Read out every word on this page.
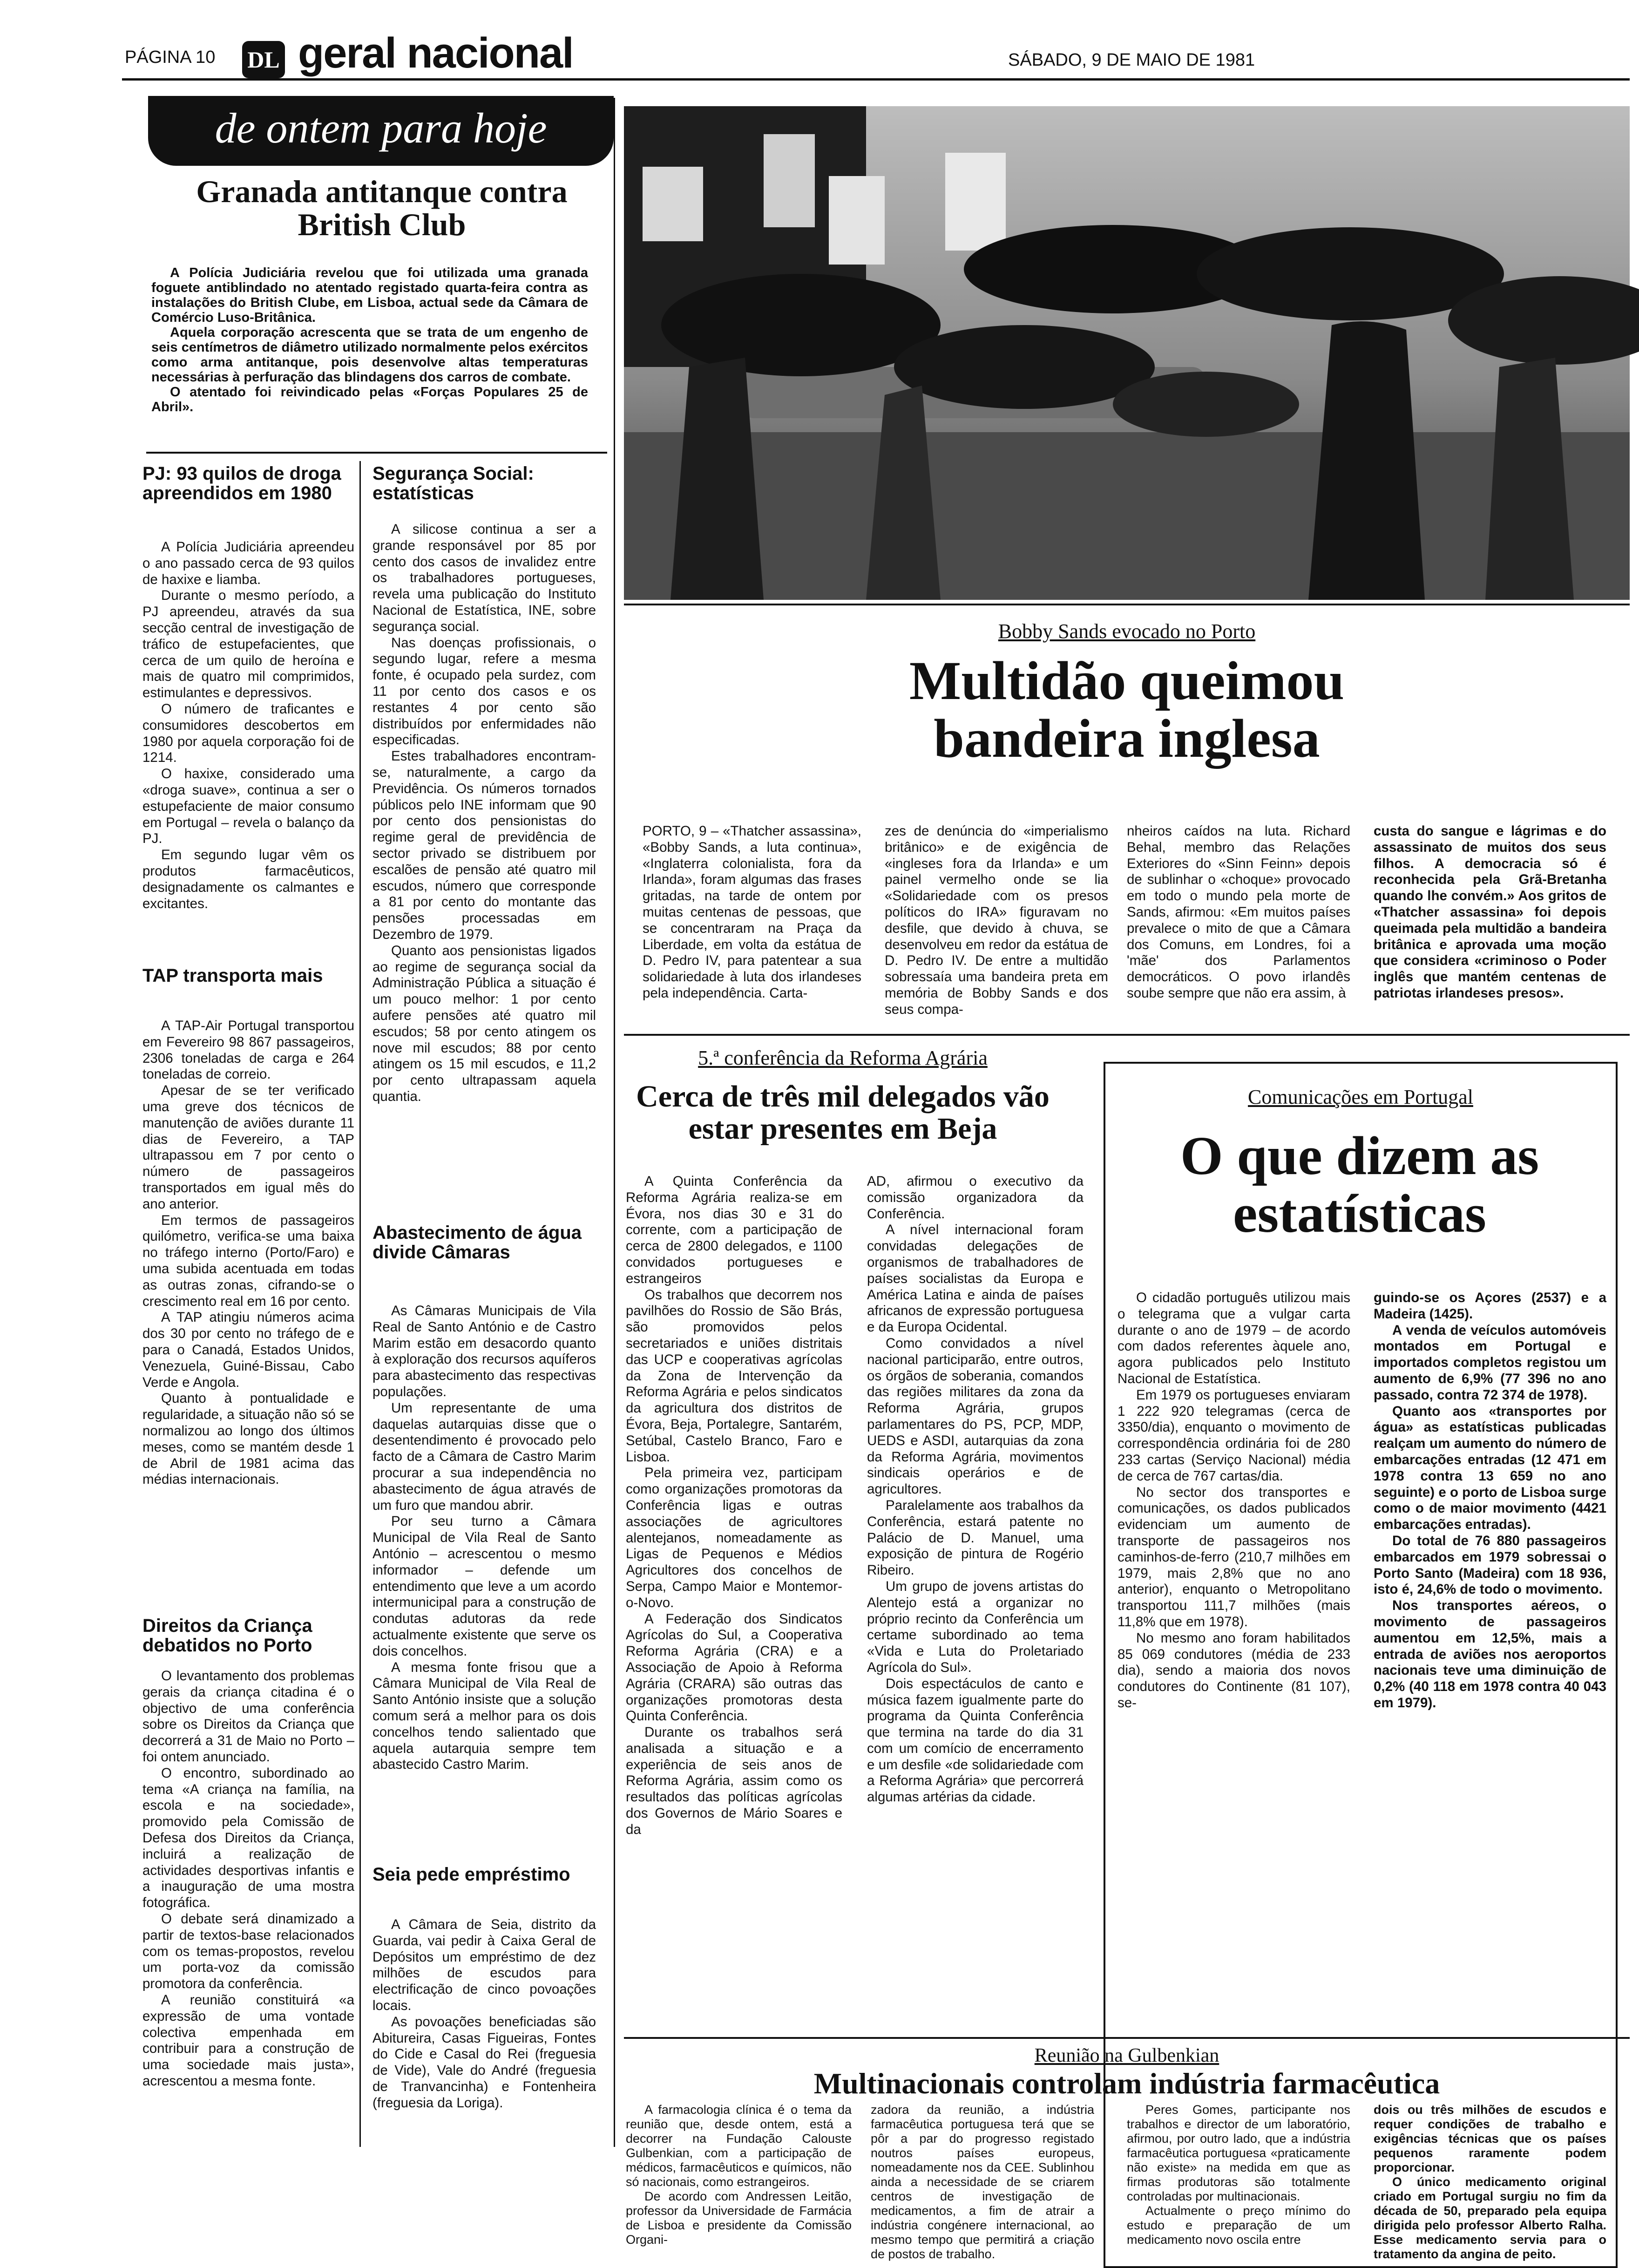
PÁGINA 10 DL geral nacional	SÁBADO, 9 DE MAIO DE 1981
de ontem para hoje
Granada antitanque contra British Club

A Polícia Judiciária revelou que foi utilizada uma granada foguete antiblindado no atentado registado quarta-feira contra as instalações do British Clube, em Lisboa, actual sede da Câmara de Comércio Luso-Britânica.

Aquela corporação acrescenta que se trata de um engenho de seis centímetros de diâmetro utilizado normalmente pelos exércitos como arma antitanque, pois desenvolve altas temperaturas necessárias à perfuração das blindagens dos carros de combate.

O atentado foi reivindicado pelas «Forças Populares 25 de Abril».

PJ: 93 quilos de droga apreendidos em 1980

A Polícia Judiciária apreendeu o ano passado cerca de 93 quilos de haxixe e liamba.

Durante o mesmo período, a PJ apreendeu, através da sua secção central de investigação de tráfico de estupefacientes, que cerca de um quilo de heroína e mais de quatro mil comprimidos, estimulantes e depressivos.

O número de traficantes e consumidores descobertos em 1980 por aquela corporação foi de 1214.

O haxixe, considerado uma «droga suave», continua a ser o estupefaciente de maior consumo em Portugal – revela o balanço da PJ.

Em segundo lugar vêm os produtos farmacêuticos, designadamente os calmantes e excitantes.

TAP transporta mais

A TAP-Air Portugal transportou em Fevereiro 98 867 passageiros, 2306 toneladas de carga e 264 toneladas de correio.

Apesar de se ter verificado uma greve dos técnicos de manutenção de aviões durante 11 dias de Fevereiro, a TAP ultrapassou em 7 por cento o número de passageiros transportados em igual mês do ano anterior.

Em termos de passageiros quilómetro, verifica-se uma baixa no tráfego interno (Porto/Faro) e uma subida acentuada em todas as outras zonas, cifrando-se o crescimento real em 16 por cento.

A TAP atingiu números acima dos 30 por cento no tráfego de e para o Canadá, Estados Unidos, Venezuela, Guiné-Bissau, Cabo Verde e Angola.

Quanto à pontualidade e regularidade, a situação não só se normalizou ao longo dos últimos meses, como se mantém desde 1 de Abril de 1981 acima das médias internacionais.

Direitos da Criança debatidos no Porto

O levantamento dos problemas gerais da criança citadina é o objectivo de uma conferência sobre os Direitos da Criança que decorrerá a 31 de Maio no Porto – foi ontem anunciado.

O encontro, subordinado ao tema «A criança na família, na escola e na sociedade», promovido pela Comissão de Defesa dos Direitos da Criança, incluirá a realização de actividades desportivas infantis e a inauguração de uma mostra fotográfica.

O debate será dinamizado a partir de textos-base relacionados com os temas-propostos, revelou um porta-voz da comissão promotora da conferência.

A reunião constituirá «a expressão de uma vontade colectiva empenhada em contribuir para a construção de uma sociedade mais justa», acrescentou a mesma fonte.

Segurança Social: estatísticas

A silicose continua a ser a grande responsável por 85 por cento dos casos de invalidez entre os trabalhadores portugueses, revela uma publicação do Instituto Nacional de Estatística, INE, sobre segurança social.

Nas doenças profissionais, o segundo lugar, refere a mesma fonte, é ocupado pela surdez, com 11 por cento dos casos e os restantes 4 por cento são distribuídos por enfermidades não especificadas.

Estes trabalhadores encontram-se, naturalmente, a cargo da Previdência. Os números tornados públicos pelo INE informam que 90 por cento dos pensionistas do regime geral de previdência de sector privado se distribuem por escalões de pensão até quatro mil escudos, número que corresponde a 81 por cento do montante das pensões processadas em Dezembro de 1979.

Quanto aos pensionistas ligados ao regime de segurança social da Administração Pública a situação é um pouco melhor: 1 por cento aufere pensões até quatro mil escudos; 58 por cento atingem os nove mil escudos; 88 por cento atingem os 15 mil escudos, e 11,2 por cento ultrapassam aquela quantia.

Abastecimento de água divide Câmaras

As Câmaras Municipais de Vila Real de Santo António e de Castro Marim estão em desacordo quanto à exploração dos recursos aquíferos para abastecimento das respectivas populações.

Um representante de uma daquelas autarquias disse que o desentendimento é provocado pelo facto de a Câmara de Castro Marim procurar a sua independência no abastecimento de água através de um furo que mandou abrir.

Por seu turno a Câmara Municipal de Vila Real de Santo António – acrescentou o mesmo informador – defende um entendimento que leve a um acordo intermunicipal para a construção de condutas adutoras da rede actualmente existente que serve os dois concelhos.

A mesma fonte frisou que a Câmara Municipal de Vila Real de Santo António insiste que a solução comum será a melhor para os dois concelhos tendo salientado que aquela autarquia sempre tem abastecido Castro Marim.

Seia pede empréstimo

A Câmara de Seia, distrito da Guarda, vai pedir à Caixa Geral de Depósitos um empréstimo de dez milhões de escudos para electrificação de cinco povoações locais.

As povoações beneficiadas são Abitureira, Casas Figueiras, Fontes do Cide e Casal do Rei (freguesia de Vide), Vale do André (freguesia de Tranvancinha) e Fontenheira (freguesia da Loriga).

Bobby Sands evocado no Porto
Multidão queimou bandeira inglesa
PORTO, 9 – «Thatcher assassina», «Bobby Sands, a luta continua», «Inglaterra colonialista, fora da Irlanda», foram algumas das frases gritadas, na tarde de ontem por muitas centenas de pessoas, que se concentraram na Praça da Liberdade, em volta da estátua de D. Pedro IV, para patentear a sua solidariedade à luta dos irlandeses pela independência. Carta-
zes de denúncia do «imperialismo britânico» e de exigência de «ingleses fora da Irlanda» e um painel vermelho onde se lia «Solidariedade com os presos políticos do IRA» figuravam no desfile, que devido à chuva, se desenvolveu em redor da estátua de D. Pedro IV. De entre a multidão sobressaía uma bandeira preta em memória de Bobby Sands e dos seus compa-
nheiros caídos na luta. Richard Behal, membro das Relações Exteriores do «Sinn Feinn» depois de sublinhar o «choque» provocado em todo o mundo pela morte de Sands, afirmou: «Em muitos países prevalece o mito de que a Câmara dos Comuns, em Londres, foi a 'mãe' dos Parlamentos democráticos. O povo irlandês soube sempre que não era assim, à
custa do sangue e lágrimas e do assassinato de muitos dos seus filhos. A democracia só é reconhecida pela Grã-Bretanha quando lhe convém.» Aos gritos de «Thatcher assassina» foi depois queimada pela multidão a bandeira britânica e aprovada uma moção que considera «criminoso o Poder inglês que mantém centenas de patriotas irlandeses presos».
5.ª conferência da Reforma Agrária
Cerca de três mil delegados vão estar presentes em Beja

A Quinta Conferência da Reforma Agrária realiza-se em Évora, nos dias 30 e 31 do corrente, com a participação de cerca de 2800 delegados, e 1100 convidados portugueses e estrangeiros

Os trabalhos que decorrem nos pavilhões do Rossio de São Brás, são promovidos pelos secretariados e uniões distritais das UCP e cooperativas agrícolas da Zona de Intervenção da Reforma Agrária e pelos sindicatos da agricultura dos distritos de Évora, Beja, Portalegre, Santarém, Setúbal, Castelo Branco, Faro e Lisboa.

Pela primeira vez, participam como organizações promotoras da Conferência ligas e outras associações de agricultores alentejanos, nomeadamente as Ligas de Pequenos e Médios Agricultores dos concelhos de Serpa, Campo Maior e Montemor-o-Novo.

A Federação dos Sindicatos Agrícolas do Sul, a Cooperativa Reforma Agrária (CRA) e a Associação de Apoio à Reforma Agrária (CRARA) são outras das organizações promotoras desta Quinta Conferência.

Durante os trabalhos será analisada a situação e a experiência de seis anos de Reforma Agrária, assim como os resultados das políticas agrícolas dos Governos de Mário Soares e da

AD, afirmou o executivo da comissão organizadora da Conferência.

A nível internacional foram convidadas delegações de organismos de trabalhadores de países socialistas da Europa e América Latina e ainda de países africanos de expressão portuguesa e da Europa Ocidental.

Como convidados a nível nacional participarão, entre outros, os órgãos de soberania, comandos das regiões militares da zona da Reforma Agrária, grupos parlamentares do PS, PCP, MDP, UEDS e ASDI, autarquias da zona da Reforma Agrária, movimentos sindicais operários e de agricultores.

Paralelamente aos trabalhos da Conferência, estará patente no Palácio de D. Manuel, uma exposição de pintura de Rogério Ribeiro.

Um grupo de jovens artistas do Alentejo está a organizar no próprio recinto da Conferência um certame subordinado ao tema «Vida e Luta do Proletariado Agrícola do Sul».

Dois espectáculos de canto e música fazem igualmente parte do programa da Quinta Conferência que termina na tarde do dia 31 com um comício de encerramento e um desfile «de solidariedade com a Reforma Agrária» que percorrerá algumas artérias da cidade.

Comunicações em Portugal
O que dizem as estatísticas

O cidadão português utilizou mais o telegrama que a vulgar carta durante o ano de 1979 – de acordo com dados referentes àquele ano, agora publicados pelo Instituto Nacional de Estatística.

Em 1979 os portugueses enviaram 1 222 920 telegramas (cerca de 3350/dia), enquanto o movimento de correspondência ordinária foi de 280 233 cartas (Serviço Nacional) média de cerca de 767 cartas/dia.

No sector dos transportes e comunicações, os dados publicados evidenciam um aumento de transporte de passageiros nos caminhos-de-ferro (210,7 milhões em 1979, mais 2,8% que no ano anterior), enquanto o Metropolitano transportou 111,7 milhões (mais 11,8% que em 1978).

No mesmo ano foram habilitados 85 069 condutores (média de 233 dia), sendo a maioria dos novos condutores do Continente (81 107), se-

guindo-se os Açores (2537) e a Madeira (1425).

A venda de veículos automóveis montados em Portugal e importados completos registou um aumento de 6,9% (77 396 no ano passado, contra 72 374 de 1978).

Quanto aos «transportes por água» as estatísticas publicadas realçam um aumento do número de embarcações entradas (12 471 em 1978 contra 13 659 no ano seguinte) e o porto de Lisboa surge como o de maior movimento (4421 embarcações entradas).

Do total de 76 880 passageiros embarcados em 1979 sobressai o Porto Santo (Madeira) com 18 936, isto é, 24,6% de todo o movimento.

Nos transportes aéreos, o movimento de passageiros aumentou em 12,5%, mais a entrada de aviões nos aeroportos nacionais teve uma diminuição de 0,2% (40 118 em 1978 contra 40 043 em 1979).

Reunião na Gulbenkian
Multinacionais controlam indústria farmacêutica

A farmacologia clínica é o tema da reunião que, desde ontem, está a decorrer na Fundação Calouste Gulbenkian, com a participação de médicos, farmacêuticos e químicos, não só nacionais, como estrangeiros.

De acordo com Andressen Leitão, professor da Universidade de Farmácia de Lisboa e presidente da Comissão Organi-

zadora da reunião, a indústria farmacêutica portuguesa terá que se pôr a par do progresso registado noutros países europeus, nomeadamente nos da CEE. Sublinhou ainda a necessidade de se criarem centros de investigação de medicamentos, a fim de atrair a indústria congénere internacional, ao mesmo tempo que permitirá a criação de postos de trabalho.

Peres Gomes, participante nos trabalhos e director de um laboratório, afirmou, por outro lado, que a indústria farmacêutica portuguesa «praticamente não existe» na medida em que as firmas produtoras são totalmente controladas por multinacionais.

Actualmente o preço mínimo do estudo e preparação de um medicamento novo oscila entre

dois ou três milhões de escudos e requer condições de trabalho e exigências técnicas que os países pequenos raramente podem proporcionar.

O único medicamento original criado em Portugal surgiu no fim da década de 50, preparado pela equipa dirigida pelo professor Alberto Ralha. Esse medicamento servia para o tratamento da angina de peito.
